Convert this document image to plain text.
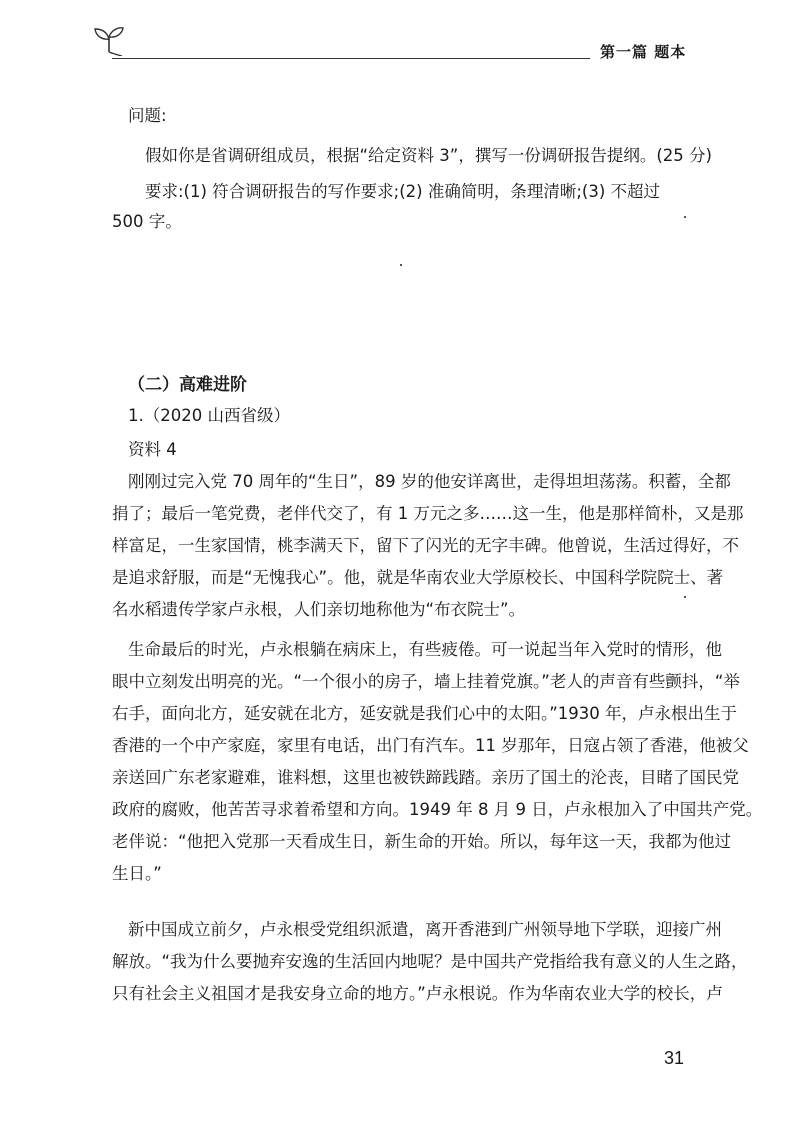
第一篇 题本
问题:
假如你是省调研组成员，根据“给定资料 3”，撰写一份调研报告提纲。(25 分)
要求:(1) 符合调研报告的写作要求;(2) 准确简明，条理清晰;(3) 不超过
500 字。
（二）高难进阶
1.（2020 山西省级）
资料 4
刚刚过完入党 70 周年的“生日”，89 岁的他安详离世，走得坦坦荡荡。积蓄，全都
捐了；最后一笔党费，老伴代交了，有 1 万元之多……这一生，他是那样简朴，又是那
样富足，一生家国情，桃李满天下，留下了闪光的无字丰碑。他曾说，生活过得好，不
是追求舒服，而是“无愧我心”。他，就是华南农业大学原校长、中国科学院院士、著
名水稻遗传学家卢永根，人们亲切地称他为“布衣院士”。
生命最后的时光，卢永根躺在病床上，有些疲倦。可一说起当年入党时的情形，他
眼中立刻发出明亮的光。“一个很小的房子，墙上挂着党旗。”老人的声音有些颤抖，“举
右手，面向北方，延安就在北方，延安就是我们心中的太阳。”1930 年，卢永根出生于
香港的一个中产家庭，家里有电话，出门有汽车。11 岁那年，日寇占领了香港，他被父
亲送回广东老家避难，谁料想，这里也被铁蹄践踏。亲历了国土的沦丧，目睹了国民党
政府的腐败，他苦苦寻求着希望和方向。1949 年 8 月 9 日，卢永根加入了中国共产党。
老伴说：“他把入党那一天看成生日，新生命的开始。所以，每年这一天，我都为他过
生日。”
新中国成立前夕，卢永根受党组织派遣，离开香港到广州领导地下学联，迎接广州
解放。“我为什么要抛弃安逸的生活回内地呢？是中国共产党指给我有意义的人生之路，
只有社会主义祖国才是我安身立命的地方。”卢永根说。作为华南农业大学的校长，卢
31
